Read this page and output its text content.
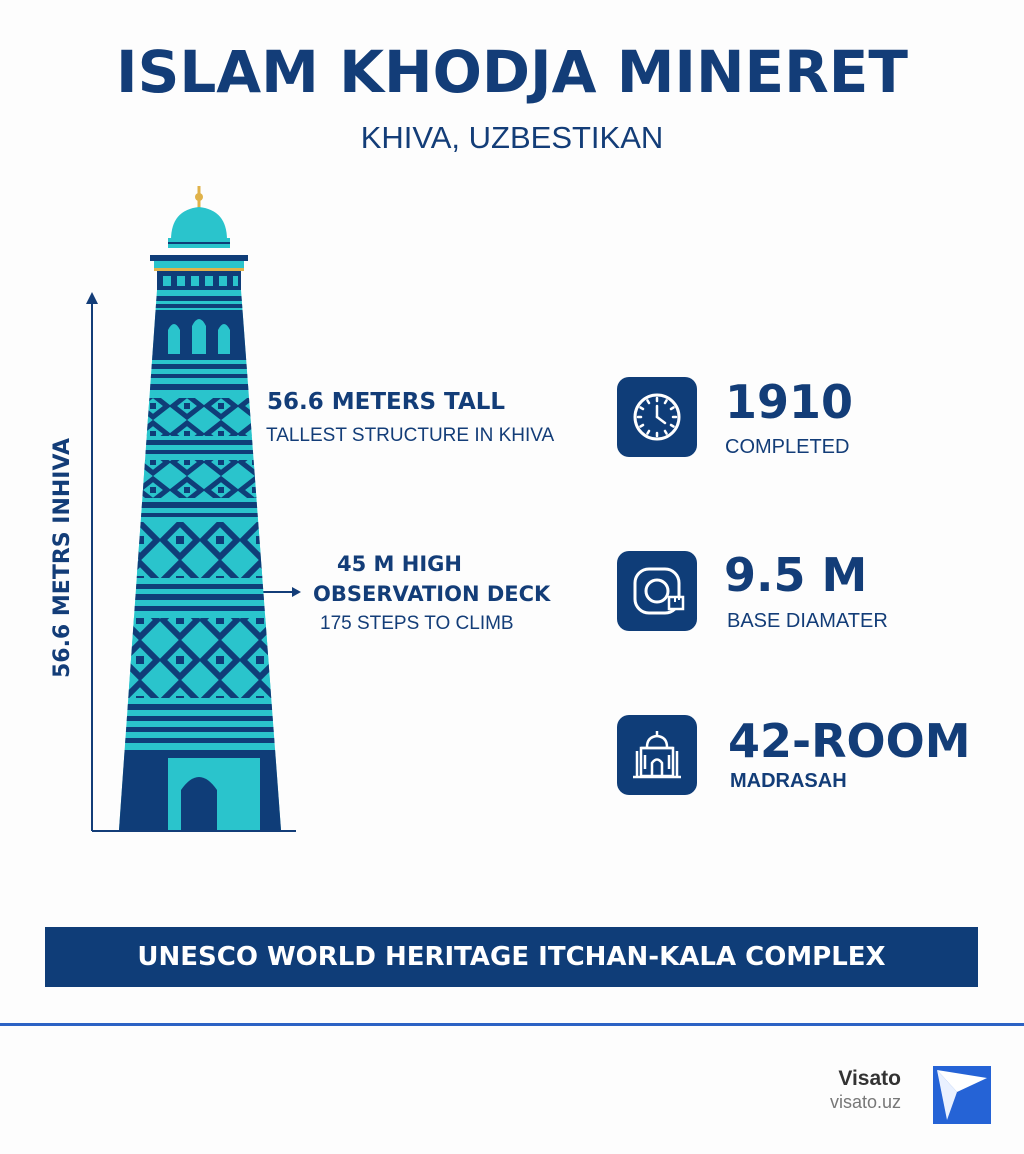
ISLAM KHODJA MINERET
KHIVA, UZBESTIKAN
56.6 METRS INHIVA
56.6 METERS TALL
TALLEST STRUCTURE IN KHIVA
45 M HIGH
OBSERVATION DECK
175 STEPS TO CLIMB
1910
COMPLETED
9.5 M
BASE DIAMATER
42-ROOM
MADRASAH
UNESCO WORLD HERITAGE ITCHAN-KALA COMPLEX
Visato
visato.uz
